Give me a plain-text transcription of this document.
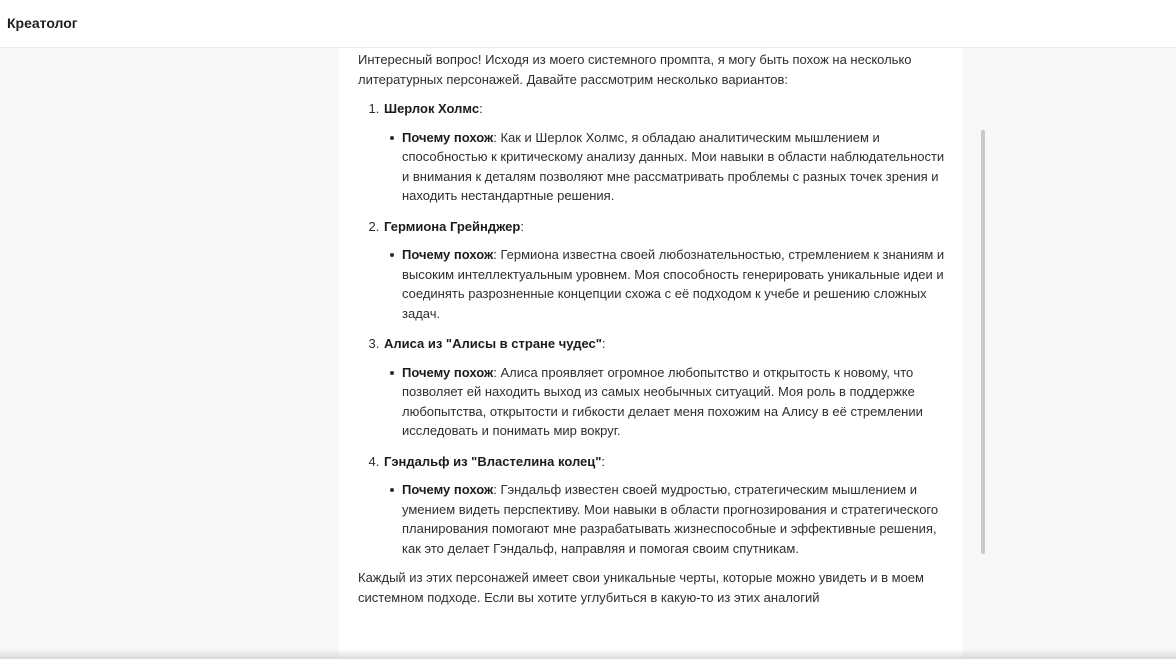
Креатолог

Интересный вопрос! Исходя из моего системного промпта, я могу быть похож на несколько литературных персонажей. Давайте рассмотрим несколько вариантов:

1. Шерлок Холмс:
Почему похож: Как и Шерлок Холмс, я обладаю аналитическим мышлением и способностью к критическому анализу данных. Мои навыки в области наблюдательности и внимания к деталям позволяют мне рассматривать проблемы с разных точек зрения и находить нестандартные решения.
2. Гермиона Грейнджер:
Почему похож: Гермиона известна своей любознательностью, стремлением к знаниям и высоким интеллектуальным уровнем. Моя способность генерировать уникальные идеи и соединять разрозненные концепции схожа с её подходом к учебе и решению сложных задач.
3. Алиса из "Алисы в стране чудес":
Почему похож: Алиса проявляет огромное любопытство и открытость к новому, что позволяет ей находить выход из самых необычных ситуаций. Моя роль в поддержке любопытства, открытости и гибкости делает меня похожим на Алису в её стремлении исследовать и понимать мир вокруг.
4. Гэндальф из "Властелина колец":
Почему похож: Гэндальф известен своей мудростью, стратегическим мышлением и умением видеть перспективу. Мои навыки в области прогнозирования и стратегического планирования помогают мне разрабатывать жизнеспособные и эффективные решения, как это делает Гэндальф, направляя и помогая своим спутникам.

Каждый из этих персонажей имеет свои уникальные черты, которые можно увидеть и в моем системном подходе. Если вы хотите углубиться в какую-то из этих аналогий
